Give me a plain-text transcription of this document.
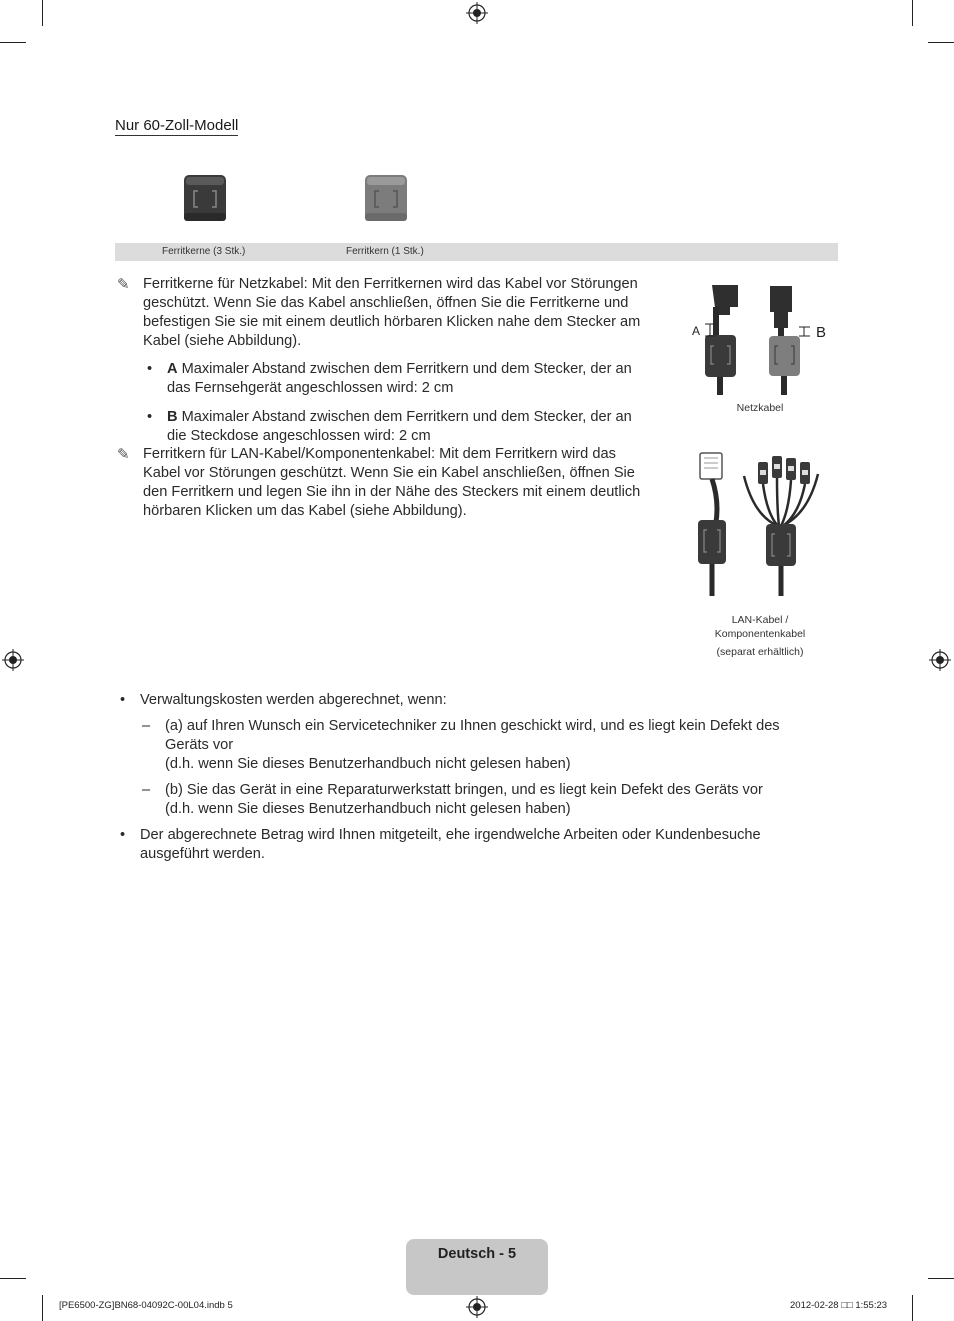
Nur 60-Zoll-Modell
Ferritkerne (3 Stk.)	Ferritkern (1 Stk.)
✎ Ferritkerne für Netzkabel: Mit den Ferritkernen wird das Kabel vor Störungen
geschützt. Wenn Sie das Kabel anschließen, öffnen Sie die Ferritkerne und
befestigen Sie sie mit einem deutlich hörbaren Klicken nahe dem Stecker am
Kabel (siehe Abbildung).
• A Maximaler Abstand zwischen dem Ferritkern und dem Stecker, der an
das Fernsehgerät angeschlossen wird: 2 cm
• B Maximaler Abstand zwischen dem Ferritkern und dem Stecker, der an
die Steckdose angeschlossen wird: 2 cm
✎ Ferritkern für LAN-Kabel/Komponentenkabel: Mit dem Ferritkern wird das
Kabel vor Störungen geschützt. Wenn Sie ein Kabel anschließen, öffnen Sie
den Ferritkern und legen Sie ihn in der Nähe des Steckers mit einem deutlich
hörbaren Klicken um das Kabel (siehe Abbildung).
A	B
Netzkabel
LAN-Kabel /
Komponentenkabel
(separat erhältlich)
• Verwaltungskosten werden abgerechnet, wenn:
– (a) auf Ihren Wunsch ein Servicetechniker zu Ihnen geschickt wird, und es liegt kein Defekt des
Geräts vor
(d.h. wenn Sie dieses Benutzerhandbuch nicht gelesen haben)
– (b) Sie das Gerät in eine Reparaturwerkstatt bringen, und es liegt kein Defekt des Geräts vor
(d.h. wenn Sie dieses Benutzerhandbuch nicht gelesen haben)
• Der abgerechnete Betrag wird Ihnen mitgeteilt, ehe irgendwelche Arbeiten oder Kundenbesuche
ausgeführt werden.
Deutsch - 5
[PE6500-ZG]BN68-04092C-00L04.indb 5	2012-02-28 □□ 1:55:23
